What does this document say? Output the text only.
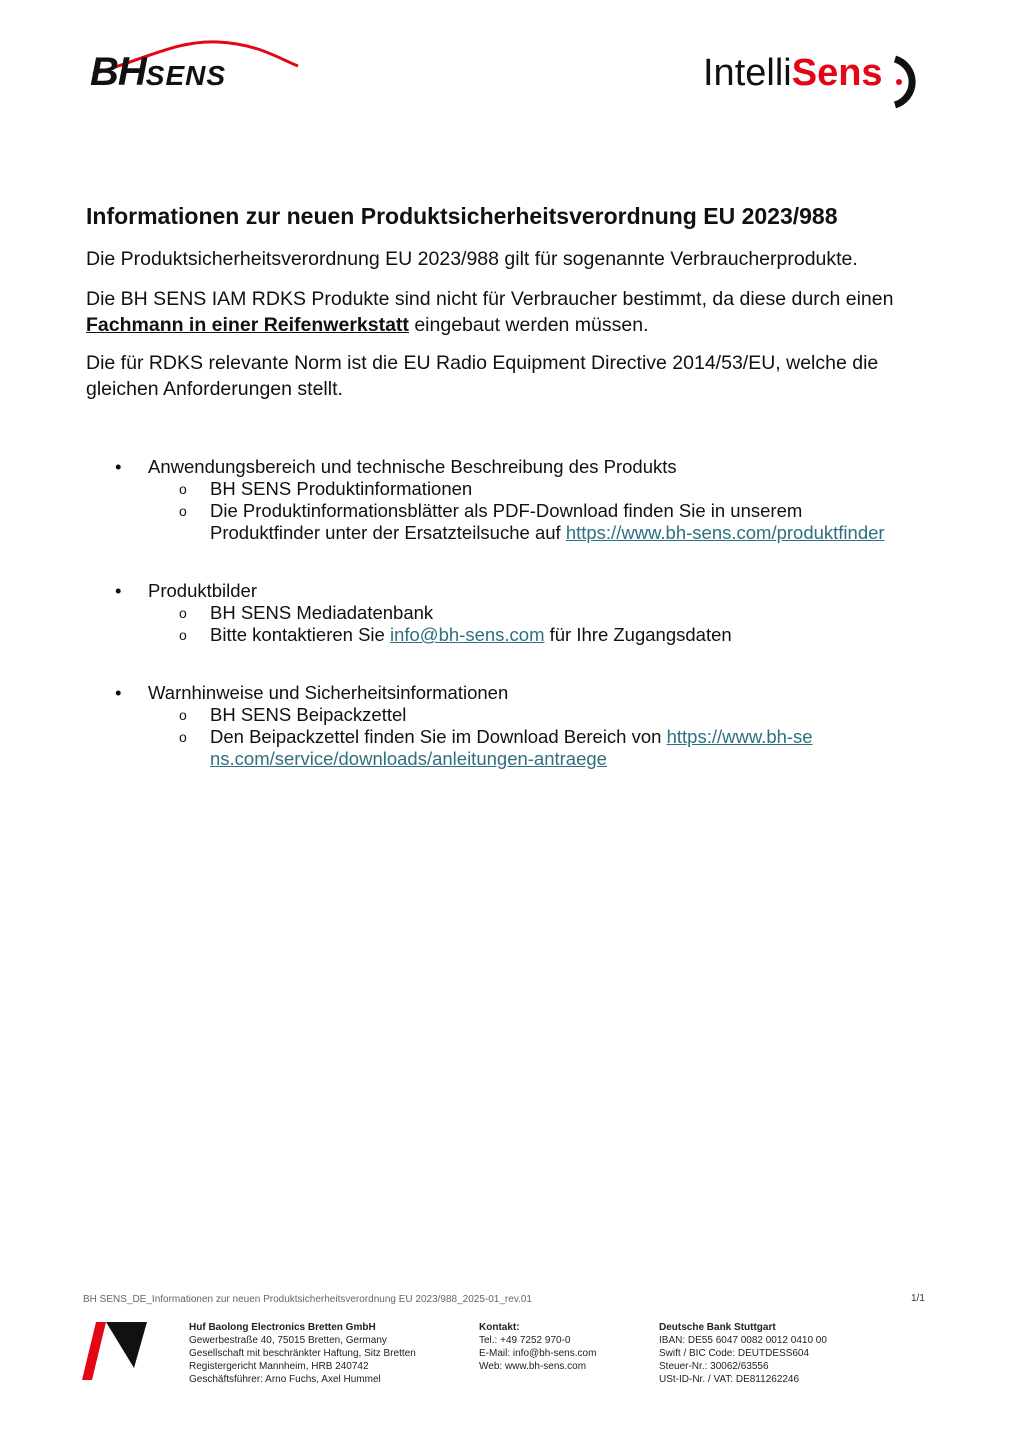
BHSENS	IntelliSens
Informationen zur neuen Produktsicherheitsverordnung EU 2023/988

Die Produktsicherheitsverordnung EU 2023/988 gilt für sogenannte Verbraucherprodukte.

Die BH SENS IAM RDKS Produkte sind nicht für Verbraucher bestimmt, da diese durch einen Fachmann in einer Reifenwerkstatt eingebaut werden müssen.

Die für RDKS relevante Norm ist die EU Radio Equipment Directive 2014/53/EU, welche die gleichen Anforderungen stellt.

• Anwendungsbereich und technische Beschreibung des Produkts
o BH SENS Produktinformationen
o Die Produktinformationsblätter als PDF-Download finden Sie in unserem Produktfinder unter der Ersatzteilsuche auf https://www.bh-sens.com/produktfinder
• Produktbilder
o BH SENS Mediadatenbank
o Bitte kontaktieren Sie info@bh-sens.com für Ihre Zugangsdaten
• Warnhinweise und Sicherheitsinformationen
o BH SENS Beipackzettel
o Den Beipackzettel finden Sie im Download Bereich von https://www.bh-sens.com/service/downloads/anleitungen-antraege
BH SENS_DE_Informationen zur neuen Produktsicherheitsverordnung EU 2023/988_2025-01_rev.01	1/1
Huf Baolong Electronics Bretten GmbH
Gewerbestraße 40, 75015 Bretten, Germany
Gesellschaft mit beschränkter Haftung, Sitz Bretten
Registergericht Mannheim, HRB 240742
Geschäftsführer: Arno Fuchs, Axel Hummel
Kontakt:
Tel.: +49 7252 970-0
E-Mail: info@bh-sens.com
Web: www.bh-sens.com
Deutsche Bank Stuttgart
IBAN: DE55 6047 0082 0012 0410 00
Swift / BIC Code: DEUTDESS604
Steuer-Nr.: 30062/63556
USt-ID-Nr. / VAT: DE811262246
